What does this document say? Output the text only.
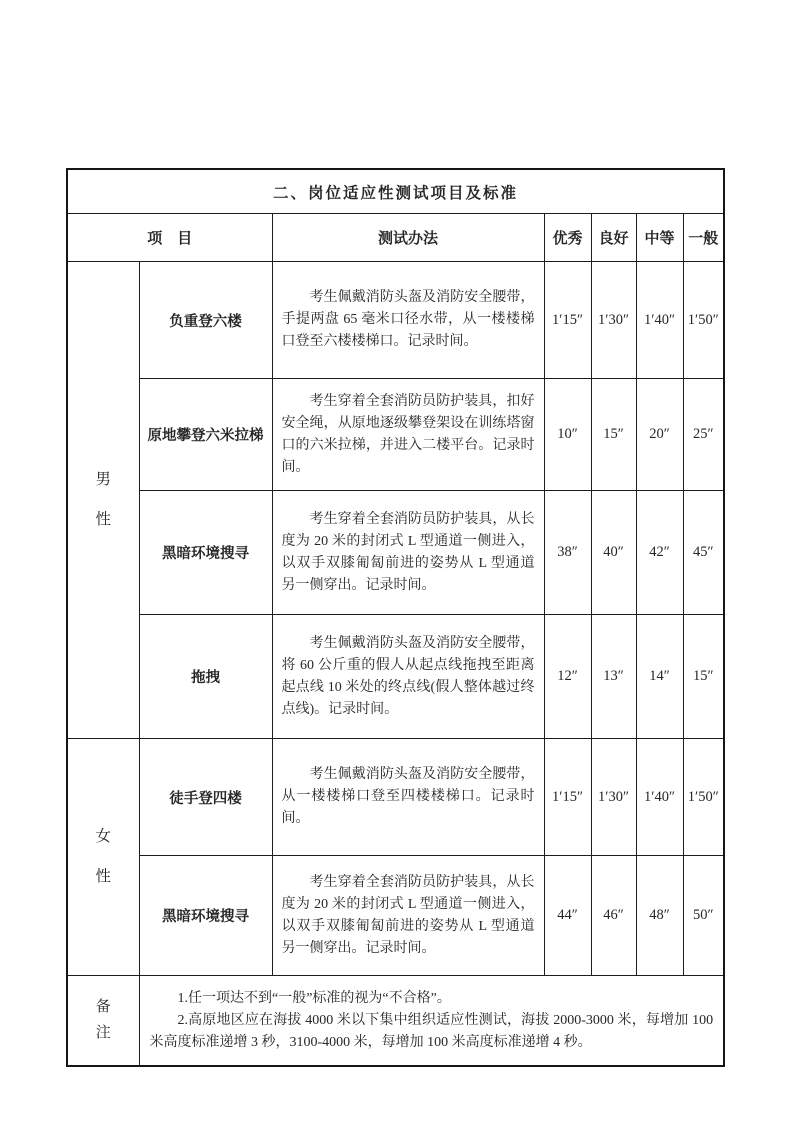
二、岗位适应性测试项目及标准						
项　目		测试办法	优秀	良好	中等	一般
男性	负重登六楼	考生佩戴消防头盔及消防安全腰带，手提两盘 65 毫米口径水带，从一楼楼梯口登至六楼楼梯口。记录时间。	1′15″	1′30″	1′40″	1′50″
	原地攀登六米拉梯	考生穿着全套消防员防护装具，扣好安全绳，从原地逐级攀登架设在训练塔窗口的六米拉梯，并进入二楼平台。记录时间。	10″	15″	20″	25″
	黑暗环境搜寻	考生穿着全套消防员防护装具，从长度为 20 米的封闭式 L 型通道一侧进入，以双手双膝匍匐前进的姿势从 L 型通道另一侧穿出。记录时间。	38″	40″	42″	45″
	拖拽	考生佩戴消防头盔及消防安全腰带，将 60 公斤重的假人从起点线拖拽至距离起点线 10 米处的终点线(假人整体越过终点线)。记录时间。	12″	13″	14″	15″
女性	徒手登四楼	考生佩戴消防头盔及消防安全腰带，从一楼楼梯口登至四楼楼梯口。记录时间。	1′15″	1′30″	1′40″	1′50″
	黑暗环境搜寻	考生穿着全套消防员防护装具，从长度为 20 米的封闭式 L 型通道一侧进入，以双手双膝匍匐前进的姿势从 L 型通道另一侧穿出。记录时间。	44″	46″	48″	50″
备注	1.任一项达不到“一般”标准的视为“不合格”。

2.高原地区应在海拔 4000 米以下集中组织适应性测试，海拔 2000-3000 米，每增加 100 米高度标准递增 3 秒，3100-4000 米，每增加 100 米高度标准递增 4 秒。					
